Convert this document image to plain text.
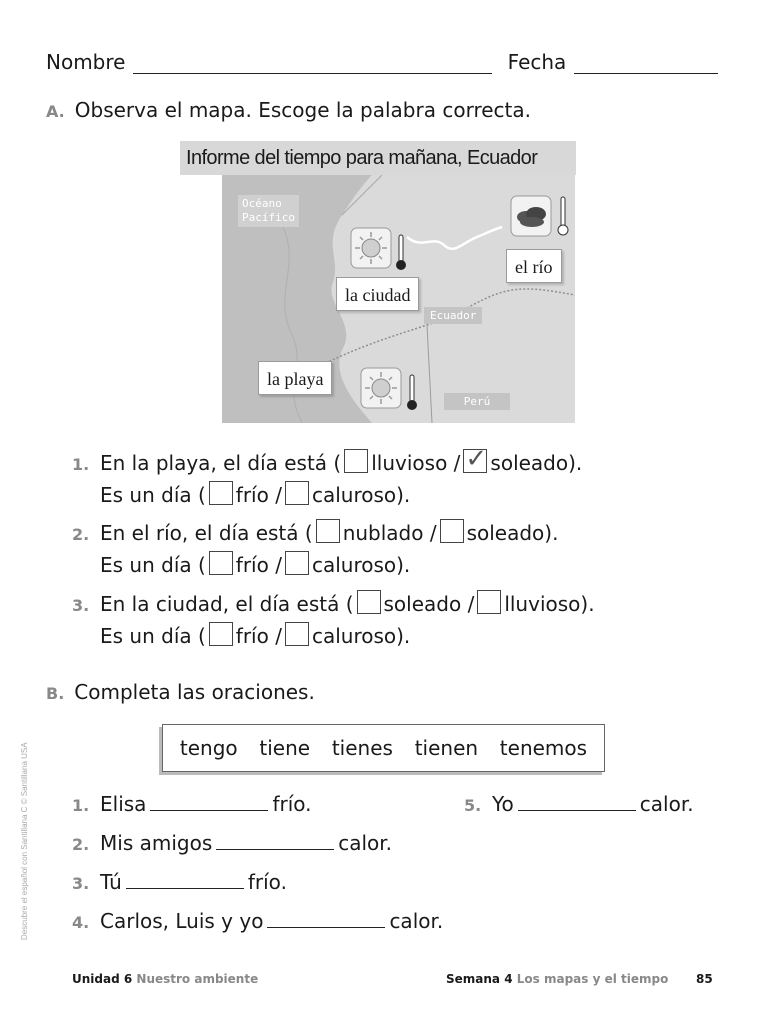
Nombre	Fecha
A. Observa el mapa. Escoge la palabra correcta.
Informe del tiempo para mañana, Ecuador
Océano
Pacífico
Ecuador
Perú
el río
la ciudad
la playa
1. En la playa, el día está ( lluvioso /✓ soleado).
Es un día ( frío / caluroso).
2. En el río, el día está ( nublado / soleado).
Es un día ( frío / caluroso).
3. En la ciudad, el día está ( soleado / lluvioso).
Es un día ( frío / caluroso).
B. Completa las oraciones.
tengo tiene tienes tienen tenemos
1. Elisa	frío.
2. Mis amigos	calor.
3. Tú	frío.
4. Carlos, Luis y yo	calor.
5. Yo	calor.
Descubre el español con Santillana C © Santillana USA
Unidad 6 Nuestro ambiente	Semana 4 Los mapas y el tiempo 85
